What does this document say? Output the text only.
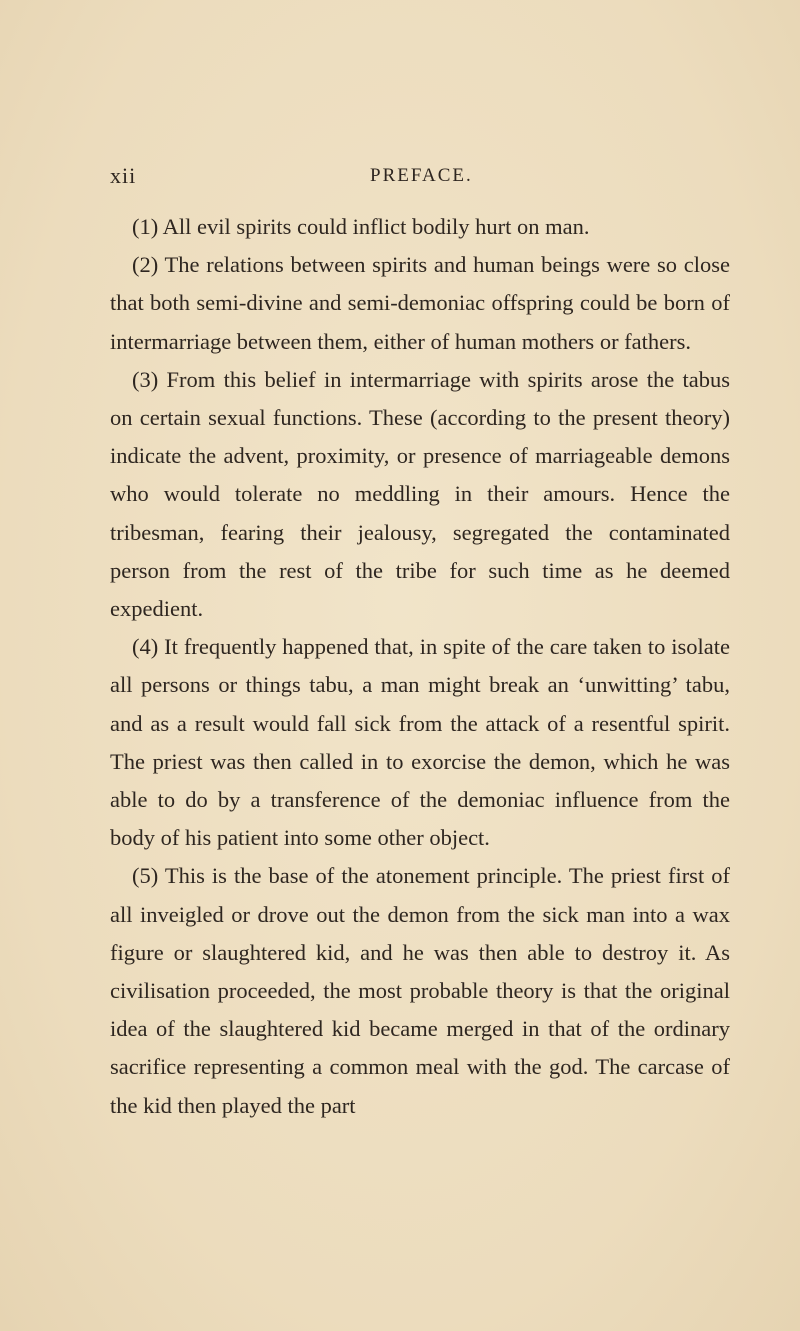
xii	PREFACE.

(1) All evil spirits could inflict bodily hurt on man.

(2) The relations between spirits and human beings were so close that both semi-divine and semi-demoniac offspring could be born of intermarriage between them, either of human mothers or fathers.

(3) From this belief in intermarriage with spirits arose the tabus on certain sexual functions. These (according to the present theory) indicate the advent, proximity, or presence of marriageable demons who would tolerate no meddling in their amours. Hence the tribesman, fearing their jealousy, segregated the contaminated person from the rest of the tribe for such time as he deemed expedient.

(4) It frequently happened that, in spite of the care taken to isolate all persons or things tabu, a man might break an ‘unwitting’ tabu, and as a result would fall sick from the attack of a resentful spirit. The priest was then called in to exorcise the demon, which he was able to do by a transference of the demoniac influence from the body of his patient into some other object.

(5) This is the base of the atonement principle. The priest first of all inveigled or drove out the demon from the sick man into a wax figure or slaughtered kid, and he was then able to destroy it. As civilisation proceeded, the most probable theory is that the original idea of the slaughtered kid became merged in that of the ordinary sacrifice representing a common meal with the god. The carcase of the kid then played the part
